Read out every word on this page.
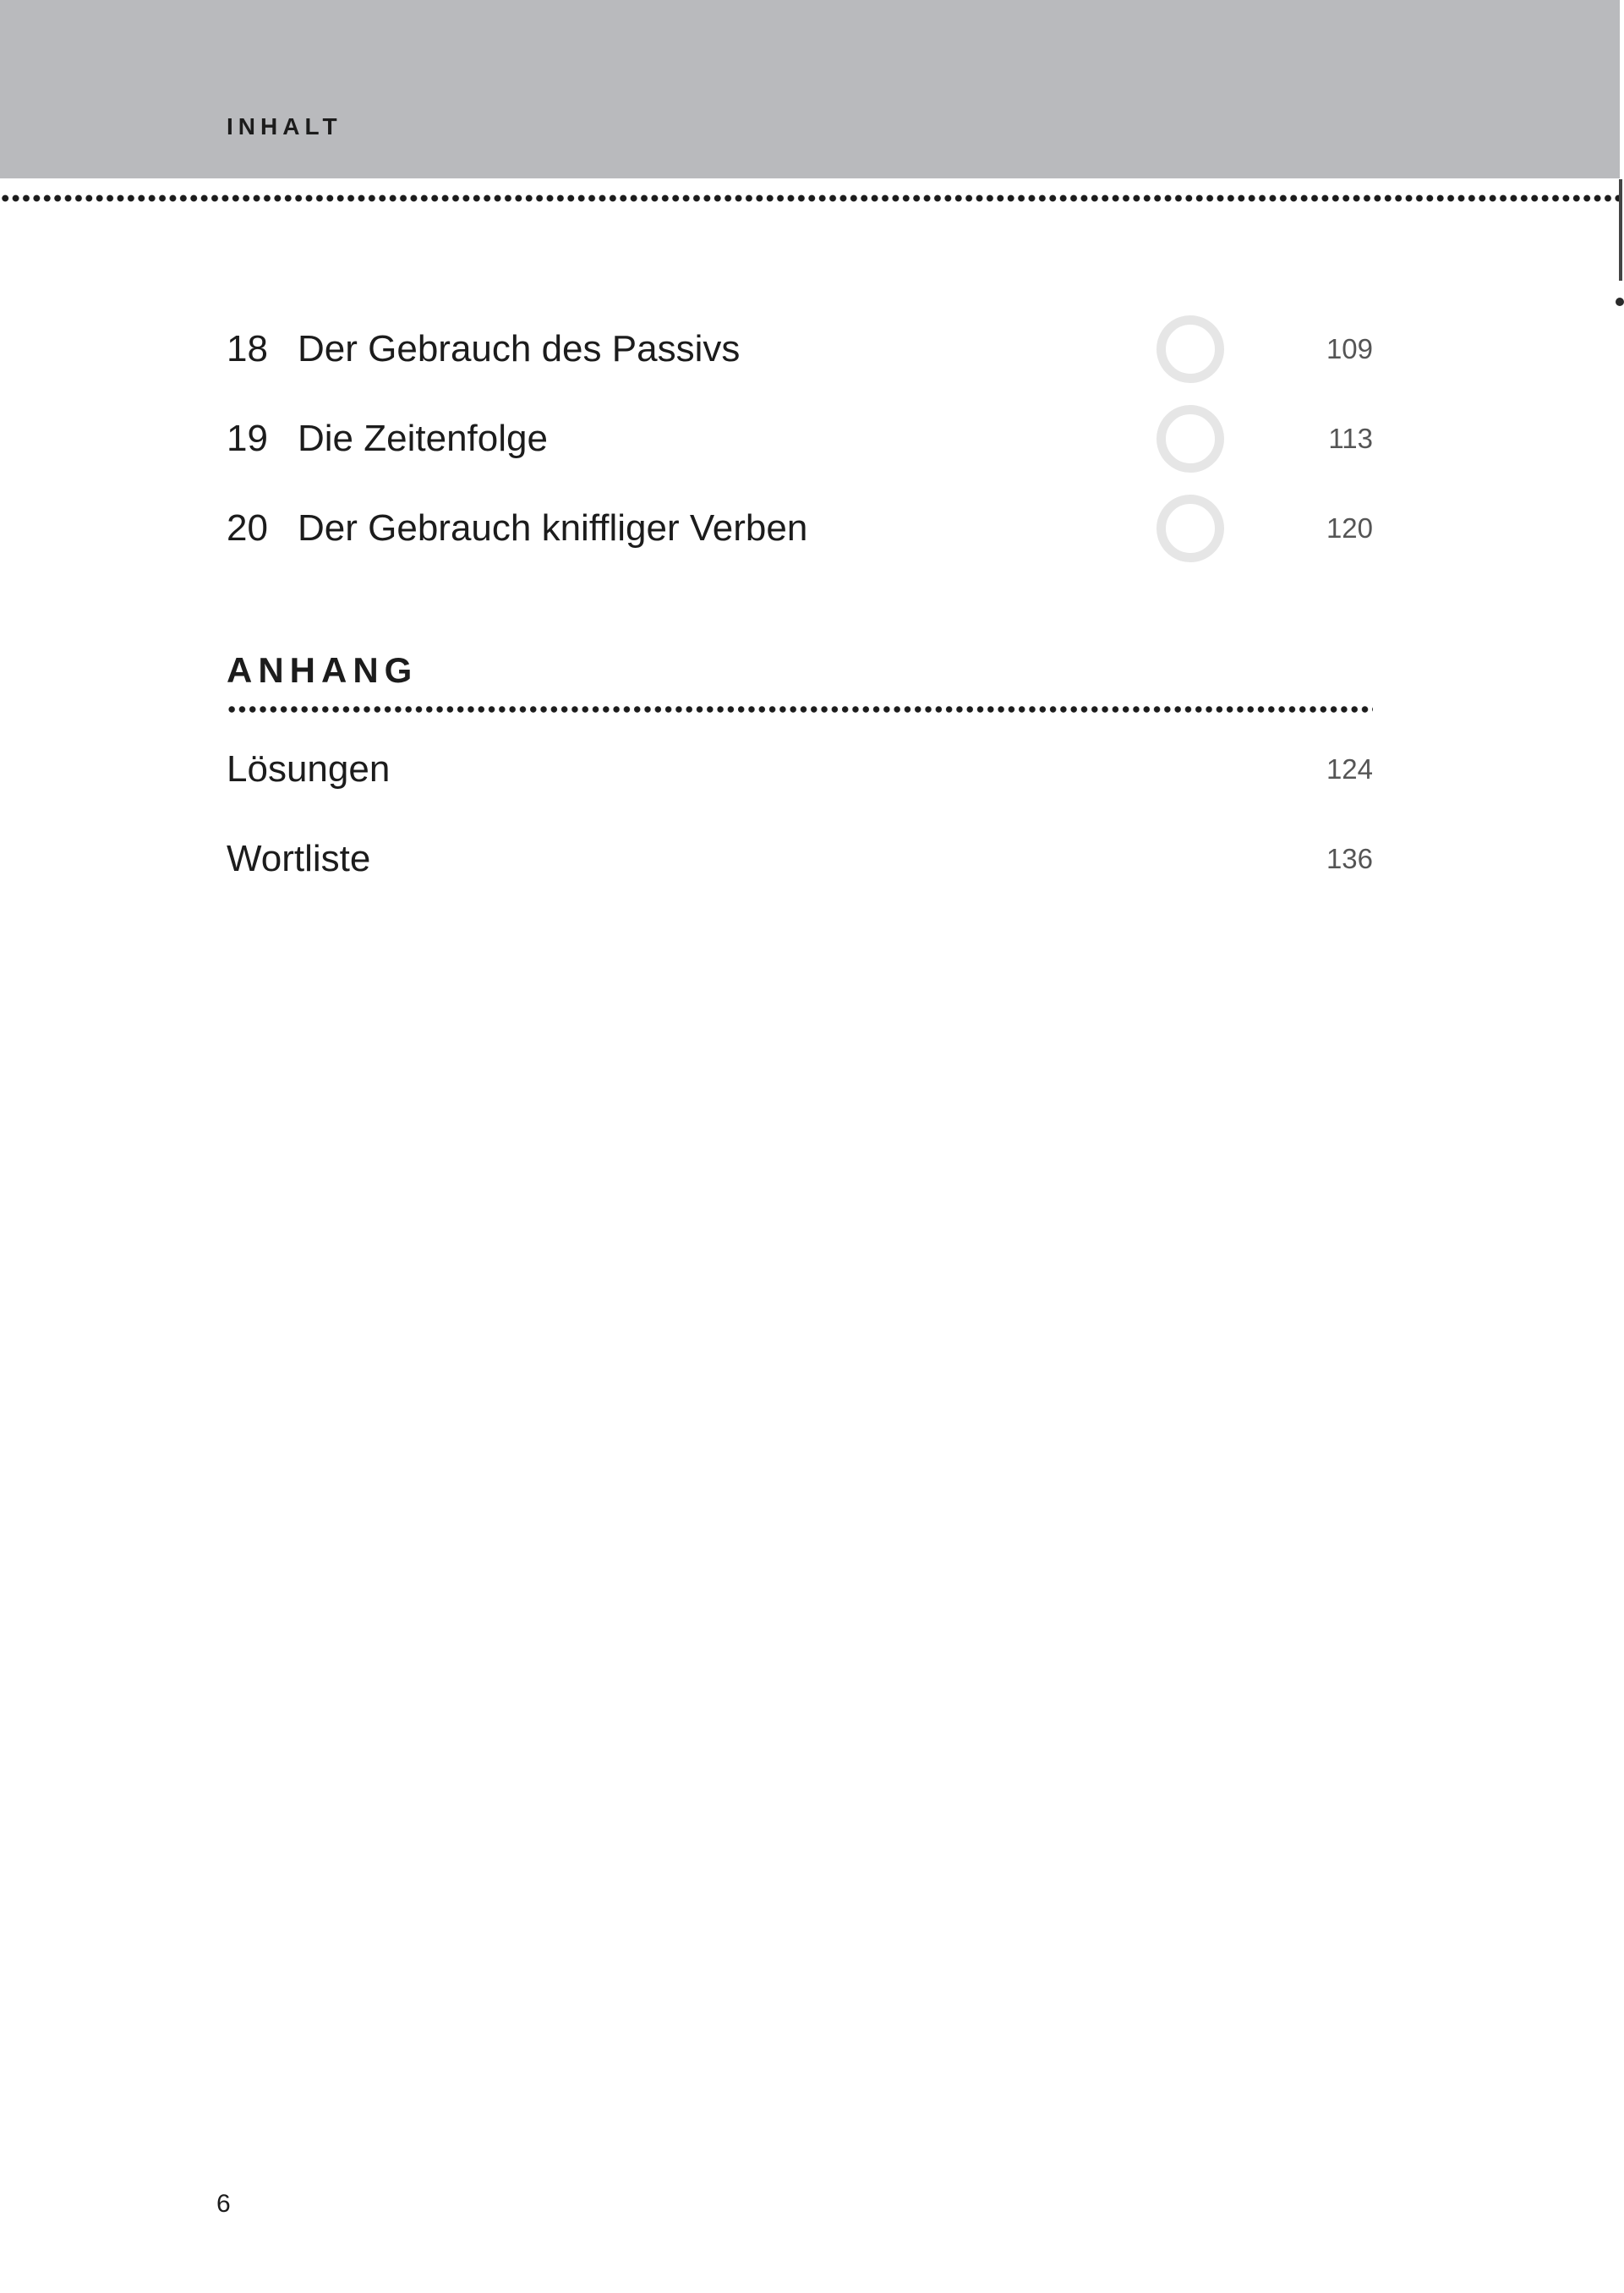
INHALT
18 Der Gebrauch des Passivs	109
19 Die Zeitenfolge	113
20 Der Gebrauch kniffliger Verben	120
ANHANG
Lösungen	124
Wortliste	136
6
